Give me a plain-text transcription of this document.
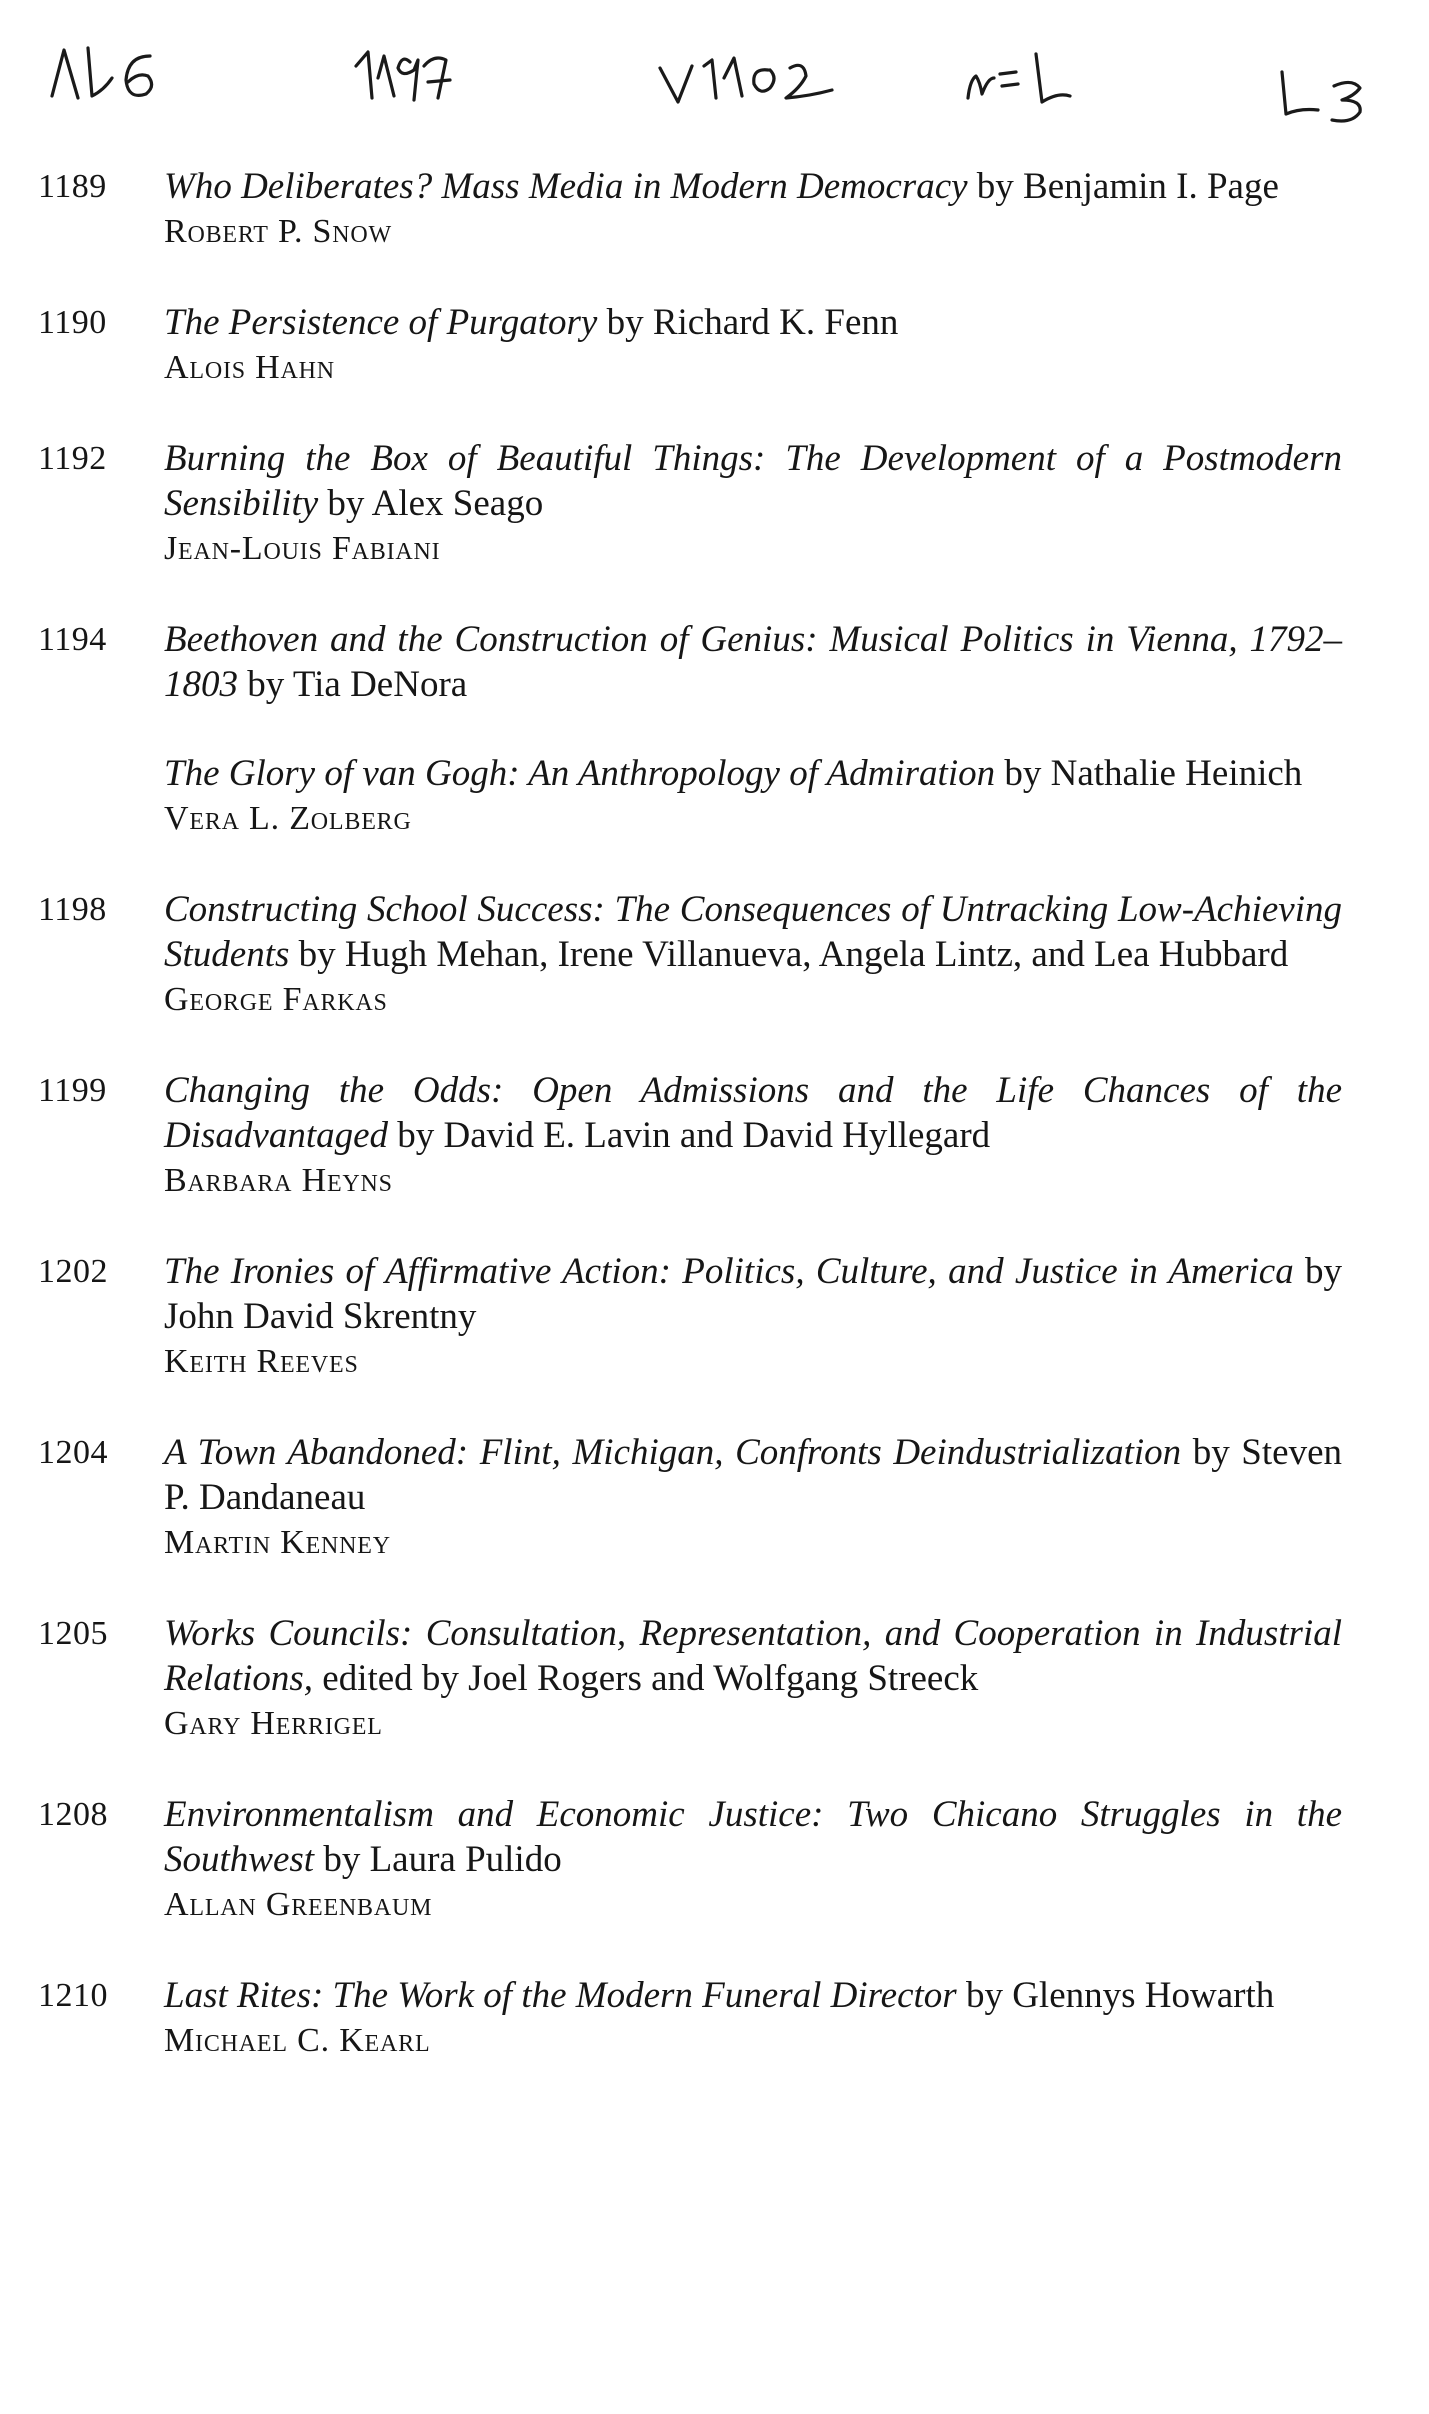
1189	Who Deliberates? Mass Media in Modern Democracy by Benjamin I. Page

Robert P. Snow

1190	The Persistence of Purgatory by Richard K. Fenn

Alois Hahn

1192	Burning the Box of Beautiful Things: The Development of a Postmodern Sensibility by Alex Seago

Jean-Louis Fabiani

1194	Beethoven and the Construction of Genius: Musical Politics in Vienna, 1792–1803 by Tia DeNora

The Glory of van Gogh: An Anthropology of Admiration by Nathalie Heinich

Vera L. Zolberg

1198	Constructing School Success: The Consequences of Untracking Low-Achieving Students by Hugh Mehan, Irene Villanueva, Angela Lintz, and Lea Hubbard

George Farkas

1199	Changing the Odds: Open Admissions and the Life Chances of the Disadvantaged by David E. Lavin and David Hyllegard

Barbara Heyns

1202	The Ironies of Affirmative Action: Politics, Culture, and Justice in America by John David Skrentny

Keith Reeves

1204	A Town Abandoned: Flint, Michigan, Confronts Deindustrialization by Steven P. Dandaneau

Martin Kenney

1205	Works Councils: Consultation, Representation, and Cooperation in Industrial Relations, edited by Joel Rogers and Wolfgang Streeck

Gary Herrigel

1208	Environmentalism and Economic Justice: Two Chicano Struggles in the Southwest by Laura Pulido

Allan Greenbaum

1210	Last Rites: The Work of the Modern Funeral Director by Glennys Howarth

Michael C. Kearl
